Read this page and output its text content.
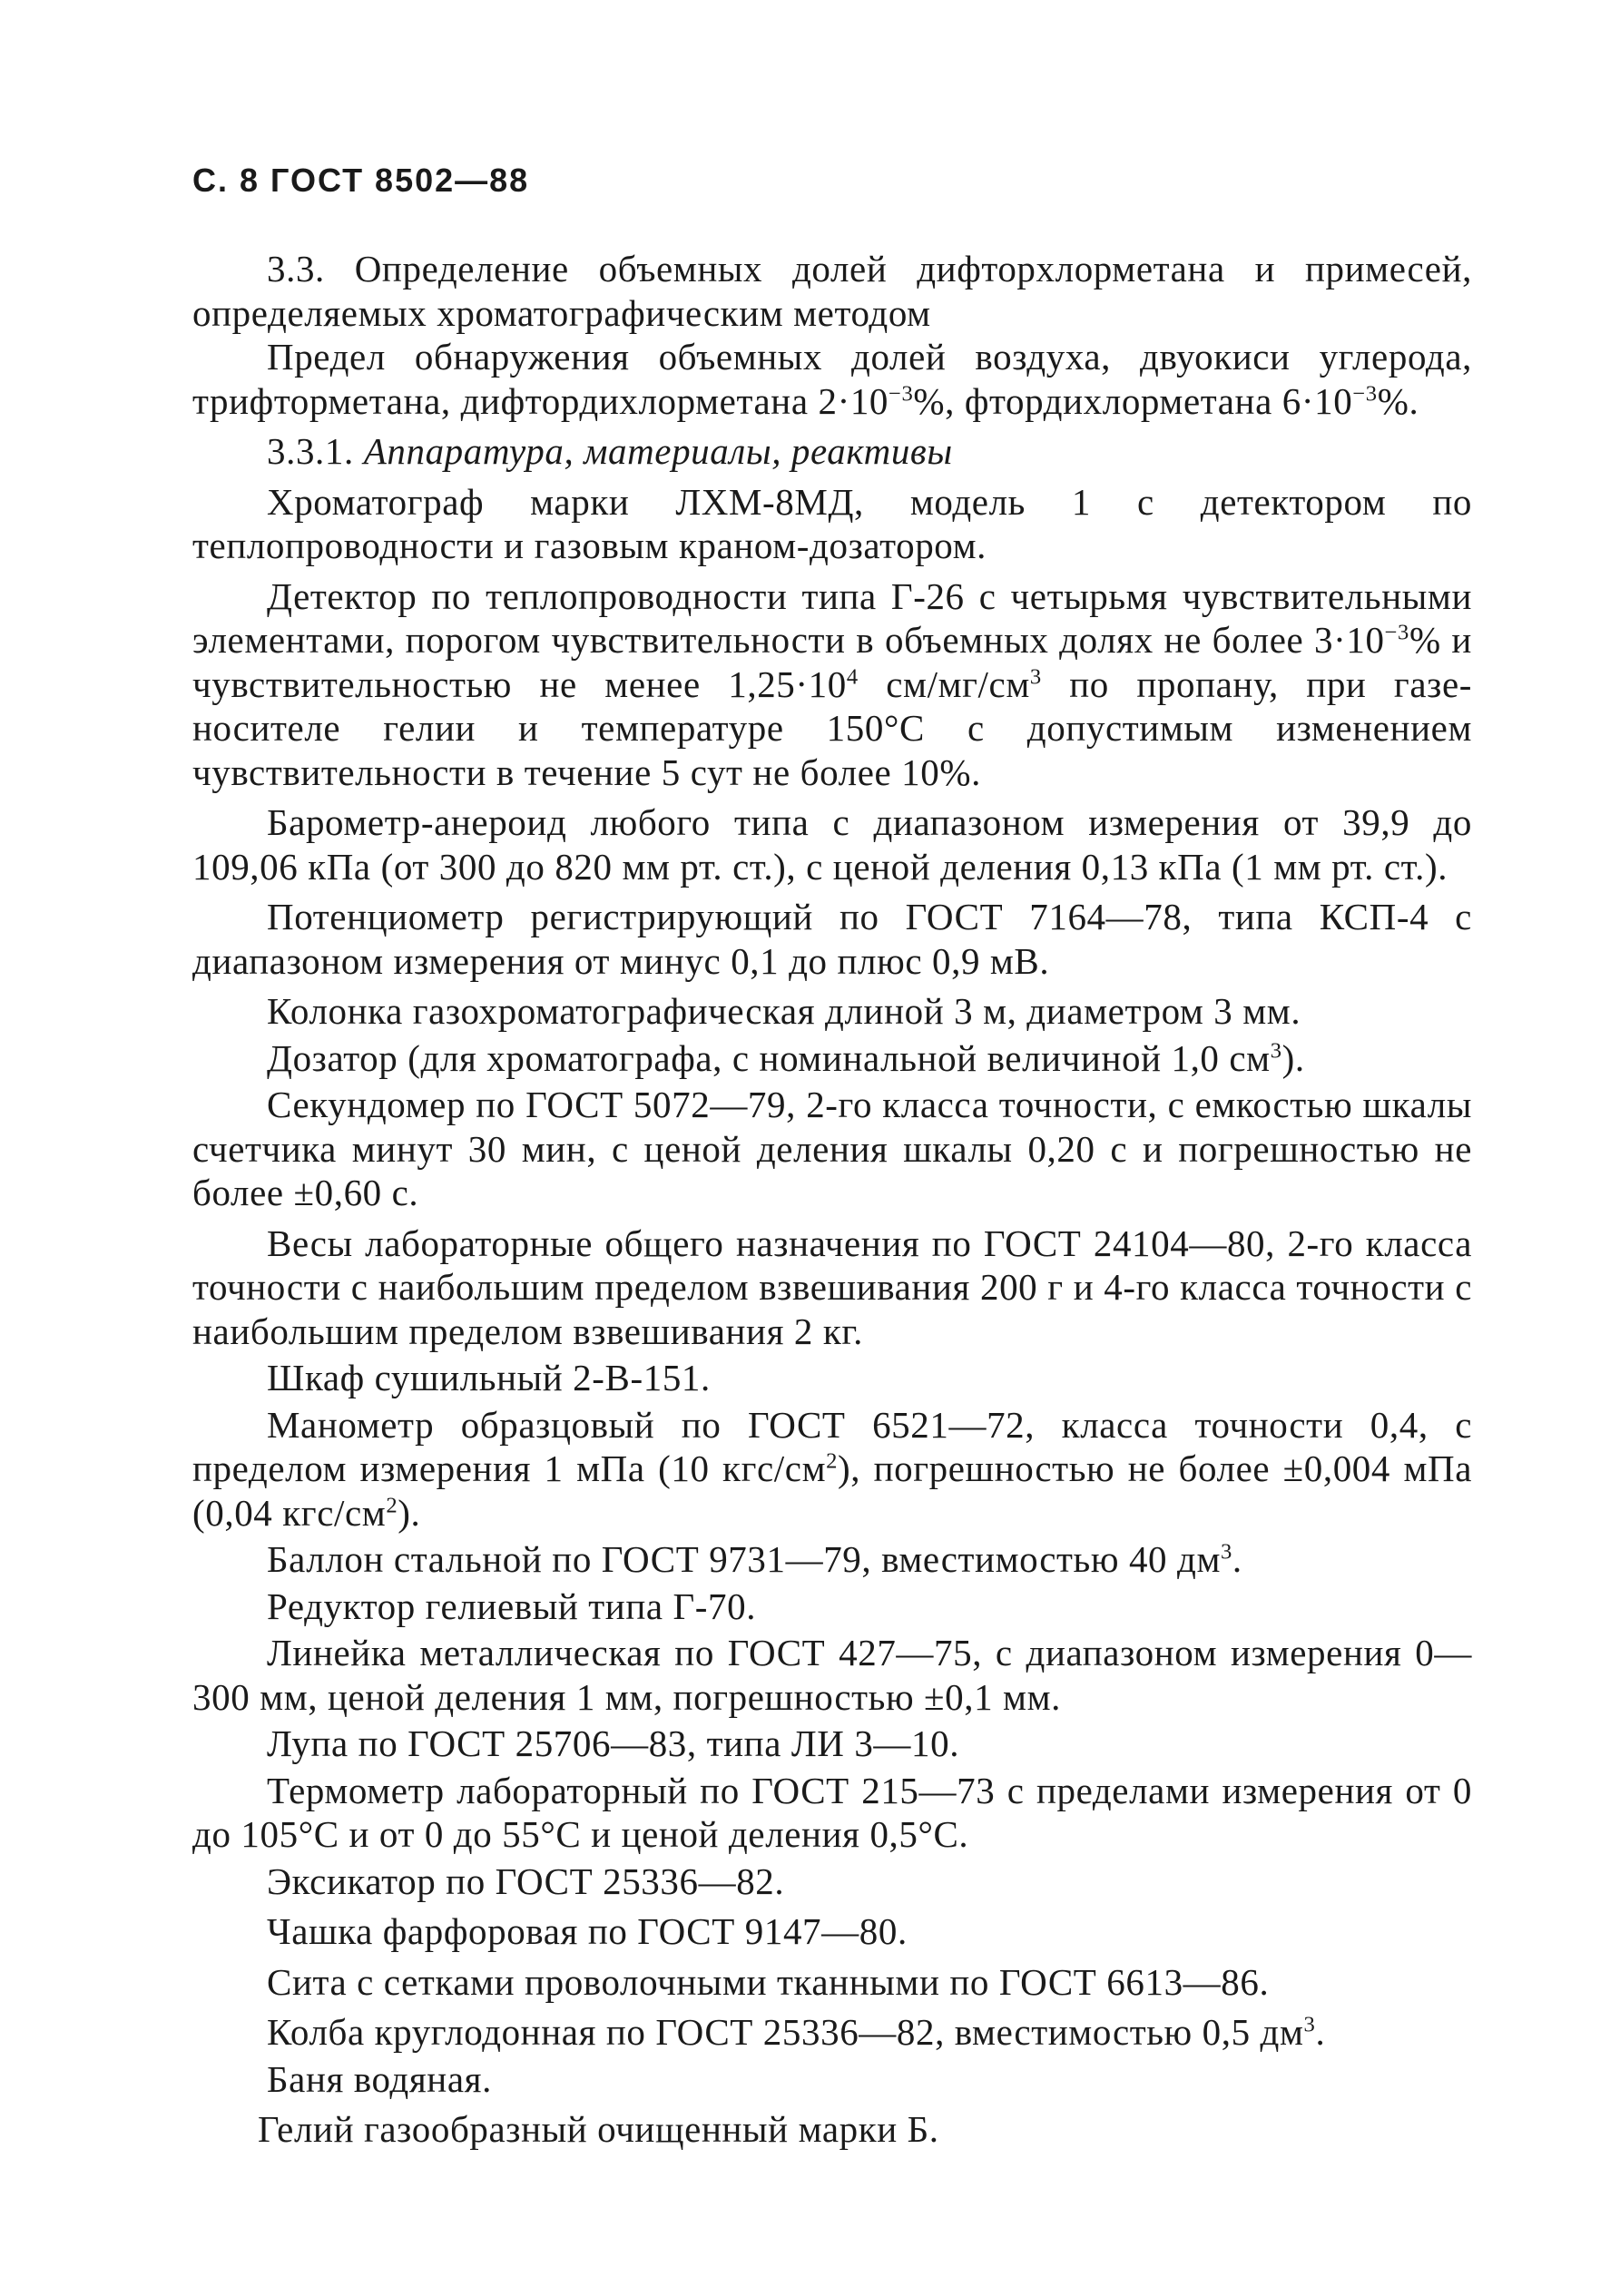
С. 8 ГОСТ 8502—88

3.3. Определение объемных долей дифторхлорметана и примесей, определяемых хроматографическим методом

Предел обнаружения объемных долей воздуха, двуокиси углерода, трифторметана, дифтордихлорметана $2\cdot 10^{-3}\%$, фтордихлорметана $6\cdot 10^{-3}\%$.

3.3.1. Аппаратура, материалы, реактивы

Хроматограф марки ЛХМ-8МД, модель 1 с детектором по теплопроводности и газовым краном-дозатором.

Детектор по теплопроводности типа Г-26 с четырьмя чувствительными элементами, порогом чувствительности в объемных долях не более $3\cdot 10^{-3}\%$ и чувствительностью не менее $1,25\cdot 10^4$ $см/мг/см^3$ по пропану, при газе-носителе гелии и температуре 150°С с допустимым изменением чувствительности в течение 5 сут не более 10%.

Барометр-анероид любого типа с диапазоном измерения от 39,9 до 109,06 кПа (от 300 до 820 мм рт. ст.), с ценой деления 0,13 кПа (1 мм рт. ст.).

Потенциометр регистрирующий по ГОСТ 7164—78, типа КСП-4 с диапазоном измерения от минус 0,1 до плюс 0,9 мВ.

Колонка газохроматографическая длиной 3 м, диаметром 3 мм.

Дозатор (для хроматографа, с номинальной величиной 1,0 $см^3$).

Секундомер по ГОСТ 5072—79, 2-го класса точности, с емкостью шкалы счетчика минут 30 мин, с ценой деления шкалы 0,20 с и погрешностью не более ±0,60 с.

Весы лабораторные общего назначения по ГОСТ 24104—80, 2-го класса точности с наибольшим пределом взвешивания 200 г и 4-го класса точности с наибольшим пределом взвешивания 2 кг.

Шкаф сушильный 2-В-151.

Манометр образцовый по ГОСТ 6521—72, класса точности 0,4, с пределом измерения 1 мПа (10 кгс/$см^2$), погрешностью не более ±0,004 мПа (0,04 кгс/$см^2$).

Баллон стальной по ГОСТ 9731—79, вместимостью 40 $дм^3$.

Редуктор гелиевый типа Г-70.

Линейка металлическая по ГОСТ 427—75, с диапазоном измерения 0—300 мм, ценой деления 1 мм, погрешностью ±0,1 мм.

Лупа по ГОСТ 25706—83, типа ЛИ 3—10.

Термометр лабораторный по ГОСТ 215—73 с пределами измерения от 0 до 105°С и от 0 до 55°С и ценой деления 0,5°С.

Эксикатор по ГОСТ 25336—82.

Чашка фарфоровая по ГОСТ 9147—80.

Сита с сетками проволочными тканными по ГОСТ 6613—86.

Колба круглодонная по ГОСТ 25336—82, вместимостью 0,5 $дм^3$.

Баня водяная.

Гелий газообразный очищенный марки Б.
